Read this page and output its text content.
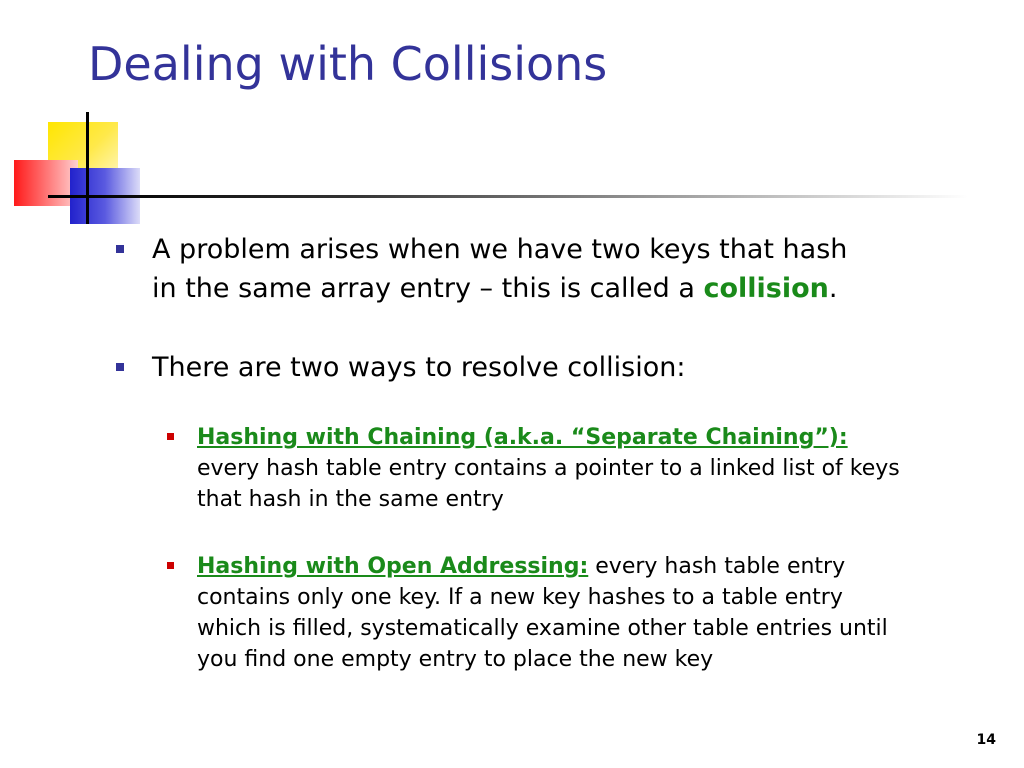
Dealing with Collisions

A problem arises when we have two keys that hash in the same array entry – this is called a collision.

There are two ways to resolve collision:

Hashing with Chaining (a.k.a. “Separate Chaining”): every hash table entry contains a pointer to a linked list of keys that hash in the same entry

Hashing with Open Addressing: every hash table entry contains only one key. If a new key hashes to a table entry which is filled, systematically examine other table entries until you find one empty entry to place the new key

14
